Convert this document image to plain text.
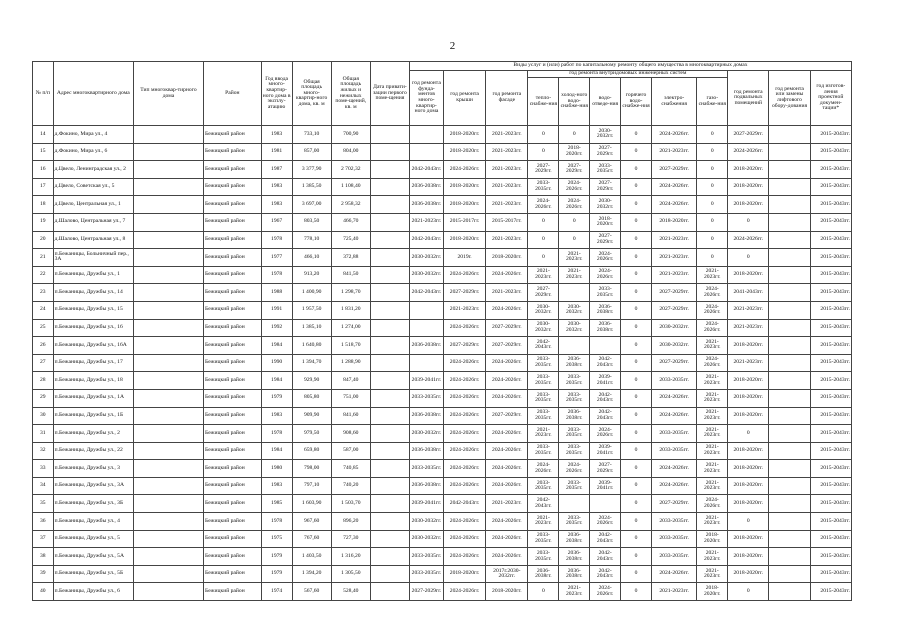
2
№ п/п	Адрес многоквартирного дома	Тип многоквар-тирного дома	Район	Год ввода много-квартир-ного дома в эксплу-атацию	Общая площадь много-квартир-ного дома, кв. м	Общая площадь жилых и нежилых поме-щений, кв. м	Дата привати-зации первого поме-щения	Виды услуг и (или) работ по капитальному ремонту общего имущества в многоквартирных домах											
								год ремонта фунда-ментов много-квартир-ного дома	год ремонта крыши	год ремонта фасаде	год ремонта внутридомовых инженерных систем						год ремонта подвальных помещений	год ремонта или замены лифтового обору-дования	год изготов-ления проектной докумен-тации*
											тепло-снабже-ния	холод-ного водо-снабже-ния	водо-отведе-ния	горячего водо-снабже-ния	электро-снабжения	газо-снабже-ния			
14	д.Фокино, Мира ул., 4		Бежицкий район	1983	733,10	700,90			2018-2020гг.	2021-2023гг.	0	0	2030-2032гг.	0	2024-2026гг.	0	2027-2029гг.		2015-2043гг.
15	д.Фокино, Мира ул., 6		Бежицкий район	1981	857,00	804,00			2018-2020гг.	2021-2023гг.	0	2018-2020гг.	2027-2029гг.	0	2021-2023гг.	0	2024-2026гг.		2015-2043гг.
16	д.Цвело, Ленинградская ул., 2		Бежицкий район	1987	3 377,90	2 702,32		2042-2043гг.	2024-2026гг.	2021-2023гг.	2027-2029гг.	2027-2029гг.	2033-2035гг.	0	2027-2029гг.	0	2018-2020гг.		2015-2043гг.
17	д.Цвело, Советская ул., 5		Бежицкий район	1983	1 385,50	1 108,40		2036-2038гг.	2018-2020гг.	2021-2023гг.	2033-2035гг.	2024-2026гг.	2027-2029гг.	0	2024-2026гг.	0	2018-2020гг.		2015-2043гг.
18	д.Цвело, Центральная ул., 1		Бежицкий район	1983	3 697,00	2 958,32		2036-2038гг.	2018-2020гг.	2021-2023гг.	2024-2026гг.	2024-2026гг.	2030-2032гг.	0	2024-2026гг.	0	2018-2020гг.		2015-2043гг.
19	д.Шалово, Центральная ул., 7		Бежицкий район	1967	803,50	466,70		2021-2023гг.	2015-2017гг.	2015-2017гг.	0	0	2018-2020гг.	0	2018-2020гг.	0	0		2015-2043гг.
20	д.Шалово, Центральная ул., 8		Бежицкий район	1978	778,10	725,40		2042-2043гг.	2018-2020гг.	2021-2023гг.	0	0	2027-2029гг.	0	2021-2023гг.	0	2024-2026гг.		2015-2043гг.
21	п.Бежаницы, Больничный пер., 3А		Бежицкий район	1977	466,10	372,88		2030-2032гг.	2019г.	2018-2020гг.	0	2021-2023гг.	2024-2026гг.	0	2021-2023гг.	0	0		2015-2043гг.
22	п.Бежаницы, Дружбы ул., 1		Бежицкий район	1978	913,20	841,50		2030-2032гг.	2024-2026гг.	2024-2026гг.	2021-2023гг.	2021-2023гг.	2024-2026гг.	0	2021-2023гг.	2021-2023гг.	2018-2020гг.		2015-2043гг.
23	п.Бежаницы, Дружбы ул., 14		Бежицкий район	1988	1 400,90	1 298,70		2042-2043гг.	2027-2029гг.	2021-2023гг.	2027-2029гг.		2033-2035гг.	0	2027-2029гг.	2024-2026гг.	2041-2043гг.		2015-2043гг.
24	п.Бежаницы, Дружбы ул., 15		Бежицкий район	1991	1 957,50	1 831,20			2021-2023гг.	2024-2026гг.	2030-2032гг.	2030-2032гг.	2036-2038гг.	0	2027-2029гг.	2024-2026гг.	2021-2023гг.		2015-2043гг.
25	п.Бежаницы, Дружбы ул., 16		Бежицкий район	1992	1 385,10	1 274,00			2024-2026гг.	2027-2029гг.	2030-2032гг.	2030-2032гг.	2036-2038гг.	0	2030-2032гг.	2024-2026гг.	2021-2023гг.		2015-2043гг.
26	п.Бежаницы, Дружбы ул., 16А		Бежицкий район	1984	1 640,80	1 518,70		2036-2038гг.	2027-2029гг.	2027-2029гг.	2042-2043гг.			0	2030-2032гг.	2021-2023гг.	2018-2020гг.		2015-2043гг.
27	п.Бежаницы, Дружбы ул., 17		Бежицкий район	1990	1 394,70	1 288,90			2024-2026гг.	2024-2026гг.	2033-2035гг.	2036-2038гг.	2042-2043гг.	0	2027-2029гг.	2024-2026гг.	2021-2023гг.		2015-2043гг.
28	п.Бежаницы, Дружбы ул., 18		Бежицкий район	1984	929,90	847,40		2039-2041гг.	2024-2026гг.	2024-2026гг.	2033-2035гг.	2033-2035гг.	2039-2041гг.	0	2033-2035гг.	2021-2023гг.	2018-2020гг.		2015-2043гг.
29	п.Бежаницы, Дружбы ул., 1А		Бежицкий район	1979	805,80	751,00		2033-2035гг.	2024-2026гг.	2024-2026гг.	2033-2035гг.	2033-2035гг.	2042-2043гг.	0	2024-2026гг.	2021-2023гг.	2018-2020гг.		2015-2043гг.
30	п.Бежаницы, Дружбы ул., 1Б		Бежицкий район	1983	909,90	841,60		2036-2038гг.	2024-2026гг.	2027-2029гг.	2033-2035гг.	2036-2038гг.	2042-2043гг.	0	2024-2026гг.	2021-2023гг.	2018-2020гг.		2015-2043гг.
31	п.Бежаницы, Дружбы ул., 2		Бежицкий район	1978	979,50	908,60		2030-2032гг.	2024-2026гг.	2024-2026гг.	2021-2023гг.	2033-2035гг.	2024-2026гг.	0	2033-2035гг.	2021-2023гг.	0		2015-2043гг.
32	п.Бежаницы, Дружбы ул., 22		Бежицкий район	1984	659,80	587,00		2036-2038гг.	2024-2026гг.	2024-2026гг.	2033-2035гг.	2033-2035гг.	2039-2041гг.	0	2033-2035гг.	2021-2023гг.	2018-2020гг.		2015-2043гг.
33	п.Бежаницы, Дружбы ул., 3		Бежицкий район	1980	798,00	740,85		2033-2035гг.	2024-2026гг.	2024-2026гг.	2024-2026гг.	2024-2026гг.	2027-2029гг.	0	2024-2026гг.	2021-2023гг.	2018-2020гг.		2015-2043гг.
34	п.Бежаницы, Дружбы ул., 3А		Бежицкий район	1983	797,10	740,20		2036-2038гг.	2024-2026гг.	2024-2026гг.	2033-2035гг.	2033-2035гг.	2039-2041гг.	0	2024-2026гг.	2021-2023гг.	2018-2020гг.		2015-2043гг.
35	п.Бежаницы, Дружбы ул., 3Б		Бежицкий район	1985	1 603,90	1 503,70		2039-2041гг.	2042-2043гг.	2021-2023гг.	2042-2043гг.			0	2027-2029гг.	2024-2026гг.	2018-2020гг.		2015-2043гг.
36	п.Бежаницы, Дружбы ул., 4		Бежицкий район	1978	967,60	896,20		2030-2032гг.	2024-2026гг.	2024-2026гг.	2021-2023гг.	2033-2035гг.	2024-2026гг.	0	2033-2035гг.	2021-2023гг.	0		2015-2043гг.
37	п.Бежаницы, Дружбы ул., 5		Бежицкий район	1975	767,60	727,30		2030-2032гг.	2024-2026гг.	2024-2026гг.	2033-2035гг.	2036-2038гг.	2042-2043гг.	0	2033-2035гг.	2018-2020гг.	2018-2020гг.		2015-2043гг.
38	п.Бежаницы, Дружбы ул., 5А		Бежицкий район	1979	1 403,50	1 316,20		2033-2035гг.	2024-2026гг.	2024-2026гг.	2033-2035гг.	2036-2038гг.	2042-2043гг.	0	2033-2035гг.	2021-2023гг.	2018-2020гг.		2015-2043гг.
39	п.Бежаницы, Дружбы ул., 5Б		Бежицкий район	1979	1 394,20	1 305,50		2033-2035гг.	2018-2020гг.	2017г.2030-2032гг.	2036-2038гг.	2036-2038гг.	2042-2043гг.	0	2024-2026гг.	2021-2023гг.	2018-2020гг.		2015-2043гг.
40	п.Бежаницы, Дружбы ул., 6		Бежицкий район	1974	567,60	528,40		2027-2029гг.	2024-2026гг.	2018-2020гг.	0	2021-2023гг.	2024-2026гг.	0	2021-2023гг.	2018-2020гг.	0		2015-2043гг.
